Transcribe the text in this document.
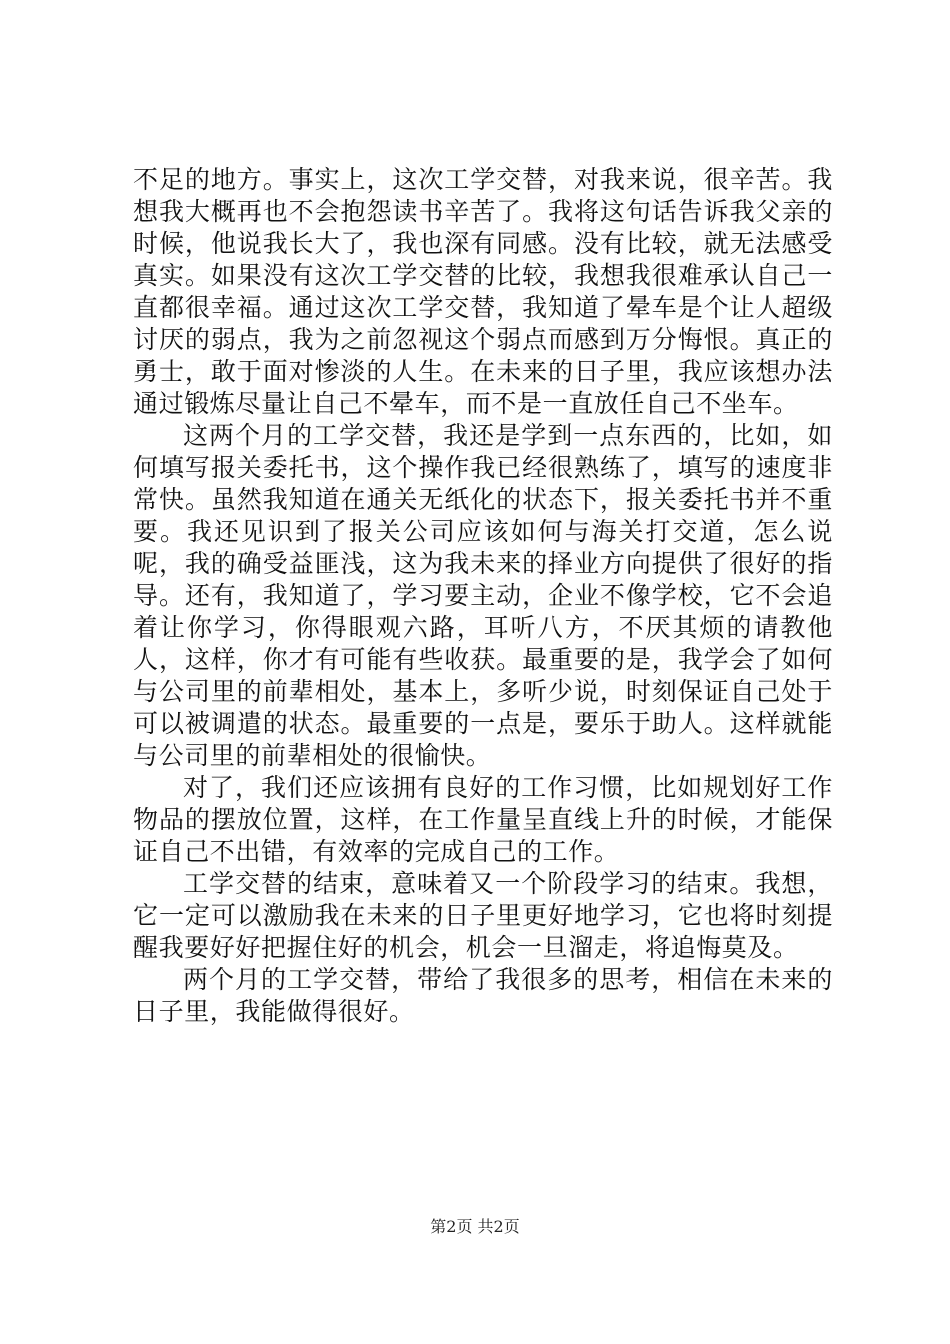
不足的地方。事实上，这次工学交替，对我来说，很辛苦。我想我大概再也不会抱怨读书辛苦了。我将这句话告诉我父亲的时候，他说我长大了，我也深有同感。没有比较，就无法感受真实。如果没有这次工学交替的比较，我想我很难承认自己一直都很幸福。通过这次工学交替，我知道了晕车是个让人超级讨厌的弱点，我为之前忽视这个弱点而感到万分悔恨。真正的勇士，敢于面对惨淡的人生。在未来的日子里，我应该想办法通过锻炼尽量让自己不晕车，而不是一直放任自己不坐车。

这两个月的工学交替，我还是学到一点东西的，比如，如何填写报关委托书，这个操作我已经很熟练了，填写的速度非常快。虽然我知道在通关无纸化的状态下，报关委托书并不重要。我还见识到了报关公司应该如何与海关打交道，怎么说呢，我的确受益匪浅，这为我未来的择业方向提供了很好的指导。还有，我知道了，学习要主动，企业不像学校，它不会追着让你学习，你得眼观六路，耳听八方，不厌其烦的请教他人，这样，你才有可能有些收获。最重要的是，我学会了如何与公司里的前辈相处，基本上，多听少说，时刻保证自己处于可以被调遣的状态。最重要的一点是，要乐于助人。这样就能与公司里的前辈相处的很愉快。

对了，我们还应该拥有良好的工作习惯，比如规划好工作物品的摆放位置，这样，在工作量呈直线上升的时候，才能保证自己不出错，有效率的完成自己的工作。

工学交替的结束，意味着又一个阶段学习的结束。我想，它一定可以激励我在未来的日子里更好地学习，它也将时刻提醒我要好好把握住好的机会，机会一旦溜走，将追悔莫及。

两个月的工学交替，带给了我很多的思考，相信在未来的日子里，我能做得很好。

第2页 共2页
